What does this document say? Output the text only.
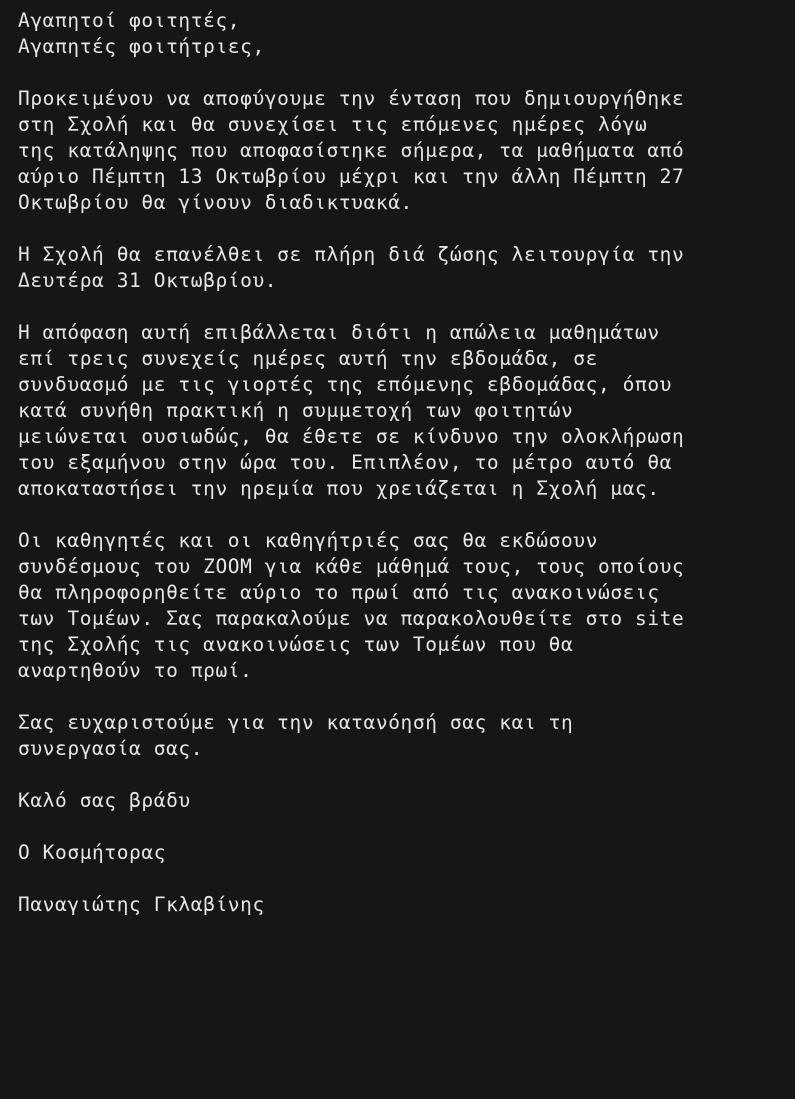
Αγαπητοί φοιτητές,
Αγαπητές φοιτήτριες,
Προκειμένου να αποφύγουμε την ένταση που δημιουργήθηκε
στη Σχολή και θα συνεχίσει τις επόμενες ημέρες λόγω
της κατάληψης που αποφασίστηκε σήμερα, τα μαθήματα από
αύριο Πέμπτη 13 Οκτωβρίου μέχρι και την άλλη Πέμπτη 27
Οκτωβρίου θα γίνουν διαδικτυακά.
Η Σχολή θα επανέλθει σε πλήρη διά ζώσης λειτουργία την
Δευτέρα 31 Οκτωβρίου.
Η απόφαση αυτή επιβάλλεται διότι η απώλεια μαθημάτων
επί τρεις συνεχείς ημέρες αυτή την εβδομάδα, σε
συνδυασμό με τις γιορτές της επόμενης εβδομάδας, όπου
κατά συνήθη πρακτική η συμμετοχή των φοιτητών
μειώνεται ουσιωδώς, θα έθετε σε κίνδυνο την ολοκλήρωση
του εξαμήνου στην ώρα του. Επιπλέον, το μέτρο αυτό θα
αποκαταστήσει την ηρεμία που χρειάζεται η Σχολή μας.
Οι καθηγητές και οι καθηγήτριές σας θα εκδώσουν
συνδέσμους του ZOOM για κάθε μάθημά τους, τους οποίους
θα πληροφορηθείτε αύριο το πρωί από τις ανακοινώσεις
των Τομέων. Σας παρακαλούμε να παρακολουθείτε στο site
της Σχολής τις ανακοινώσεις των Τομέων που θα
αναρτηθούν το πρωί.
Σας ευχαριστούμε για την κατανόησή σας και τη
συνεργασία σας.
Καλό σας βράδυ
Ο Κοσμήτορας
Παναγιώτης Γκλαβίνης
